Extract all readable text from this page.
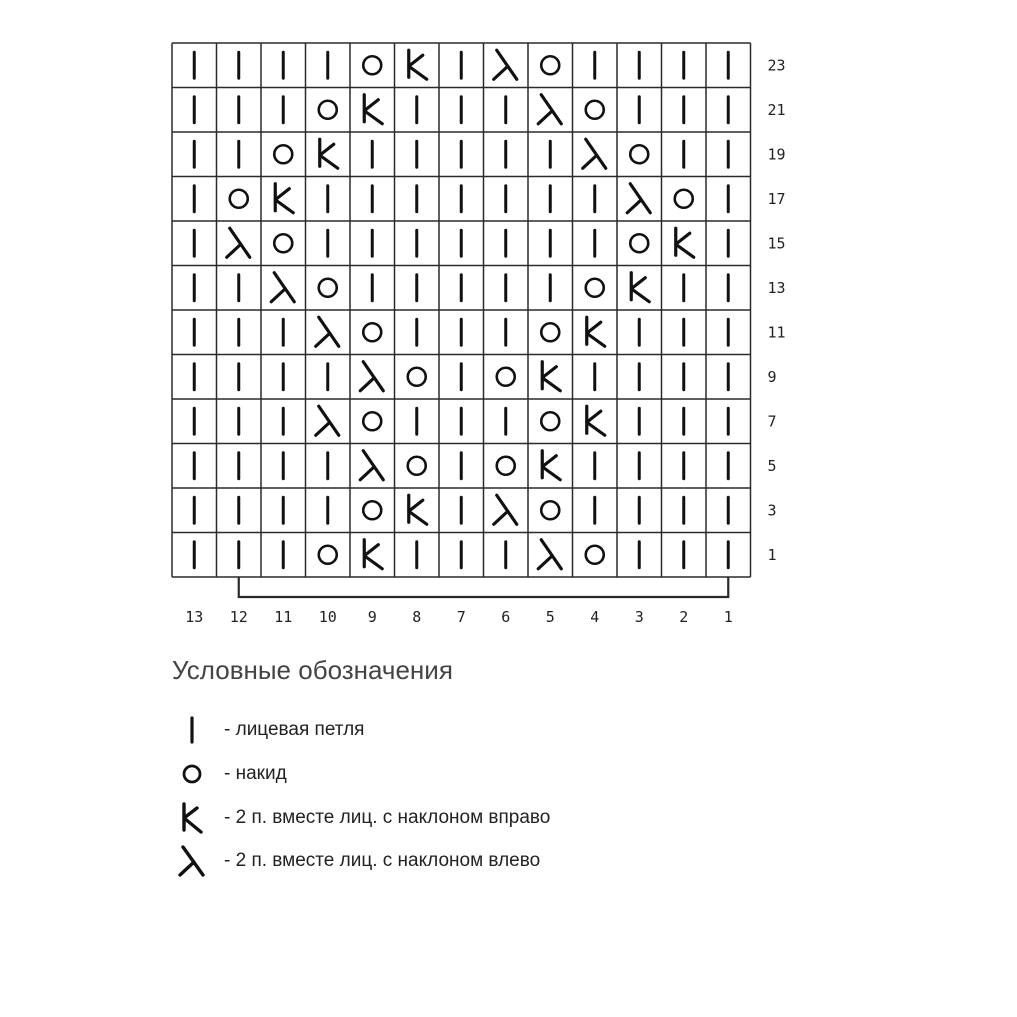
23
21
19
17
15
13
11
9
7
5
3
1
13 12 11 10 9 8 7 6 5 4 3 2 1
Условные обозначения
- лицевая петля
- накид
- 2 п. вместе лиц. с наклоном вправо
- 2 п. вместе лиц. с наклоном влево
